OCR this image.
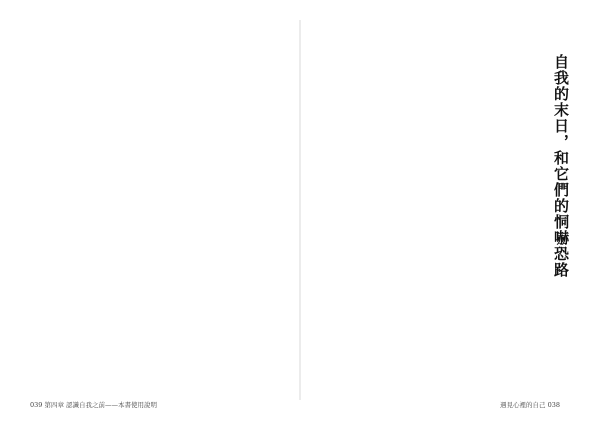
039 第四章 認識自我之前——本書使用說明	遇見心裡的自己 038
自我的末日，和它們的恫嚇恐路
